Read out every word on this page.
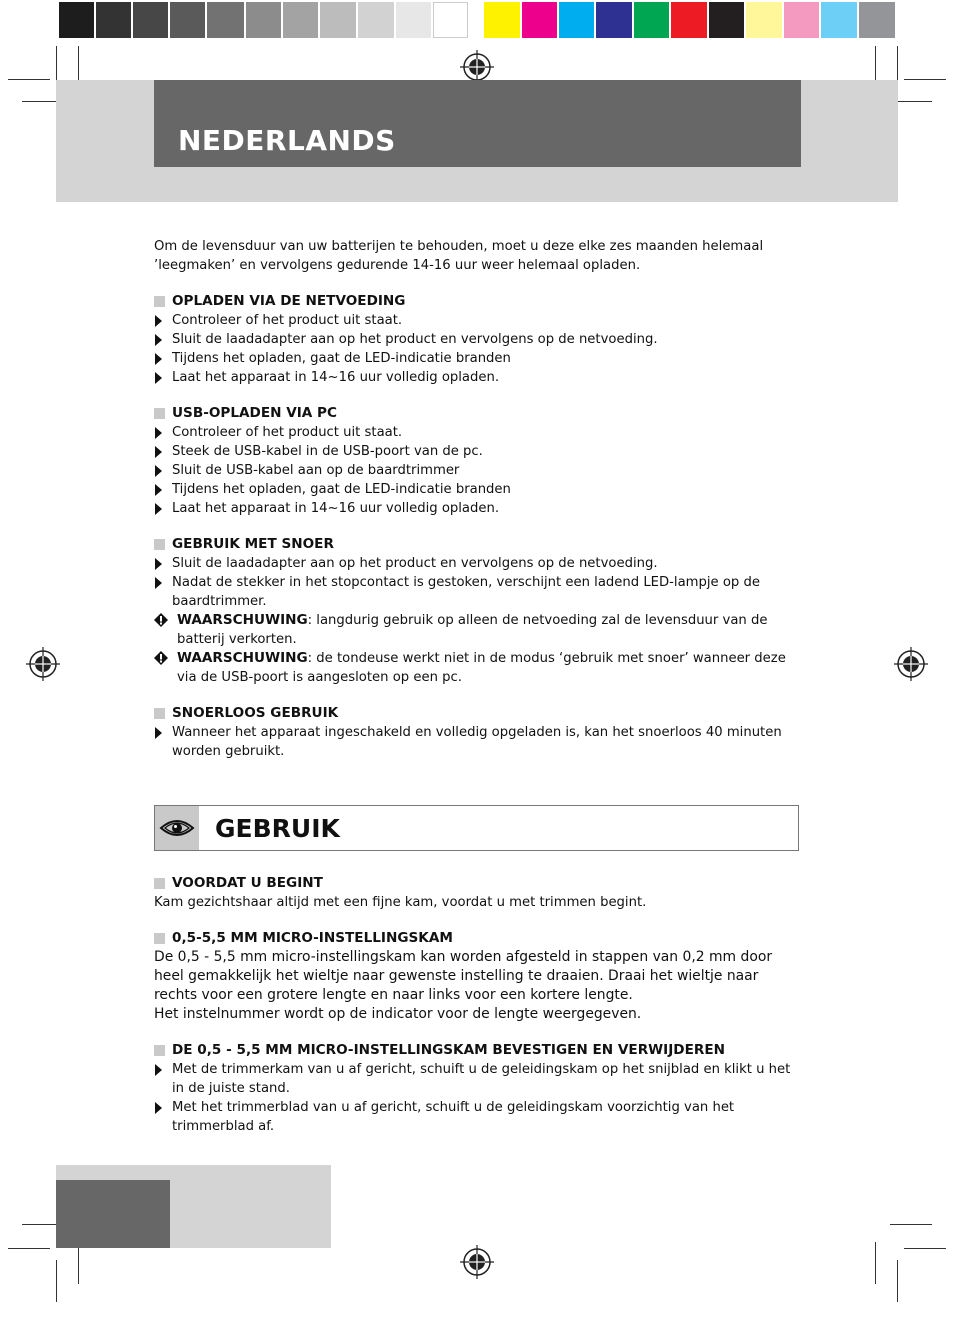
NEDERLANDS

Om de levensduur van uw batterijen te behouden, moet u deze elke zes maanden helemaal ’leegmaken’ en vervolgens gedurende 14-16 uur weer helemaal opladen.

OPLADEN VIA DE NETVOEDING

Controleer of het product uit staat.

Sluit de laadadapter aan op het product en vervolgens op de netvoeding.

Tijdens het opladen, gaat de LED-indicatie branden

Laat het apparaat in 14~16 uur volledig opladen.

USB-OPLADEN VIA PC

Controleer of het product uit staat.

Steek de USB-kabel in de USB-poort van de pc.

Sluit de USB-kabel aan op de baardtrimmer

Tijdens het opladen, gaat de LED-indicatie branden

Laat het apparaat in 14~16 uur volledig opladen.

GEBRUIK MET SNOER

Sluit de laadadapter aan op het product en vervolgens op de netvoeding.

Nadat de stekker in het stopcontact is gestoken, verschijnt een ladend LED-lampje op de baardtrimmer.

WAARSCHUWING: langdurig gebruik op alleen de netvoeding zal de levensduur van de batterij verkorten.

WAARSCHUWING: de tondeuse werkt niet in de modus ‘gebruik met snoer’ wanneer deze via de USB-poort is aangesloten op een pc.

SNOERLOOS GEBRUIK

Wanneer het apparaat ingeschakeld en volledig opgeladen is, kan het snoerloos 40 minuten worden gebruikt.

GEBRUIK

VOORDAT U BEGINT

Kam gezichtshaar altijd met een fijne kam, voordat u met trimmen begint.

0,5-5,5 MM MICRO-INSTELLINGSKAM

De 0,5 - 5,5 mm micro-instellingskam kan worden afgesteld in stappen van 0,2 mm door heel gemakkelijk het wieltje naar gewenste instelling te draaien. Draai het wieltje naar rechts voor een grotere lengte en naar links voor een kortere lengte.

Het instelnummer wordt op de indicator voor de lengte weergegeven.

DE 0,5 - 5,5 MM MICRO-INSTELLINGSKAM BEVESTIGEN EN VERWIJDEREN

Met de trimmerkam van u af gericht, schuift u de geleidingskam op het snijblad en klikt u het in de juiste stand.

Met het trimmerblad van u af gericht, schuift u de geleidingskam voorzichtig van het trimmerblad af.
